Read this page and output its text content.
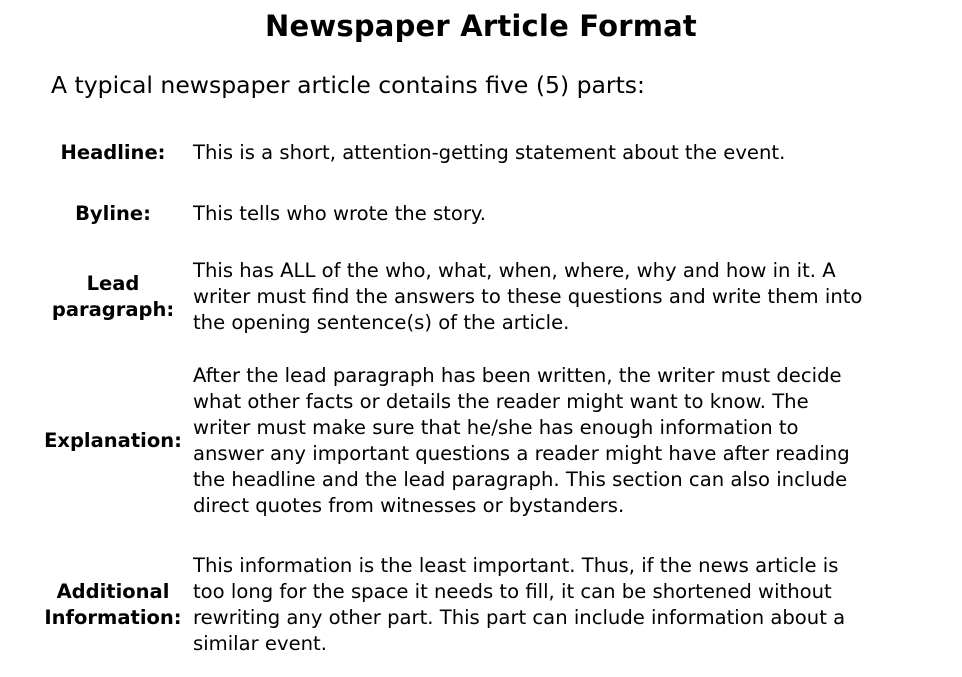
Newspaper Article Format
A typical newspaper article contains five (5) parts:
Headline:	This is a short, attention-getting statement about the event.
Byline:	This tells who wrote the story.
Lead
paragraph:
This has ALL of the who, what, when, where, why and how in it. A
writer must find the answers to these questions and write them into
the opening sentence(s) of the article.
Explanation:
After the lead paragraph has been written, the writer must decide
what other facts or details the reader might want to know. The
writer must make sure that he/she has enough information to
answer any important questions a reader might have after reading
the headline and the lead paragraph. This section can also include
direct quotes from witnesses or bystanders.
Additional
Information:
This information is the least important. Thus, if the news article is
too long for the space it needs to fill, it can be shortened without
rewriting any other part. This part can include information about a
similar event.
